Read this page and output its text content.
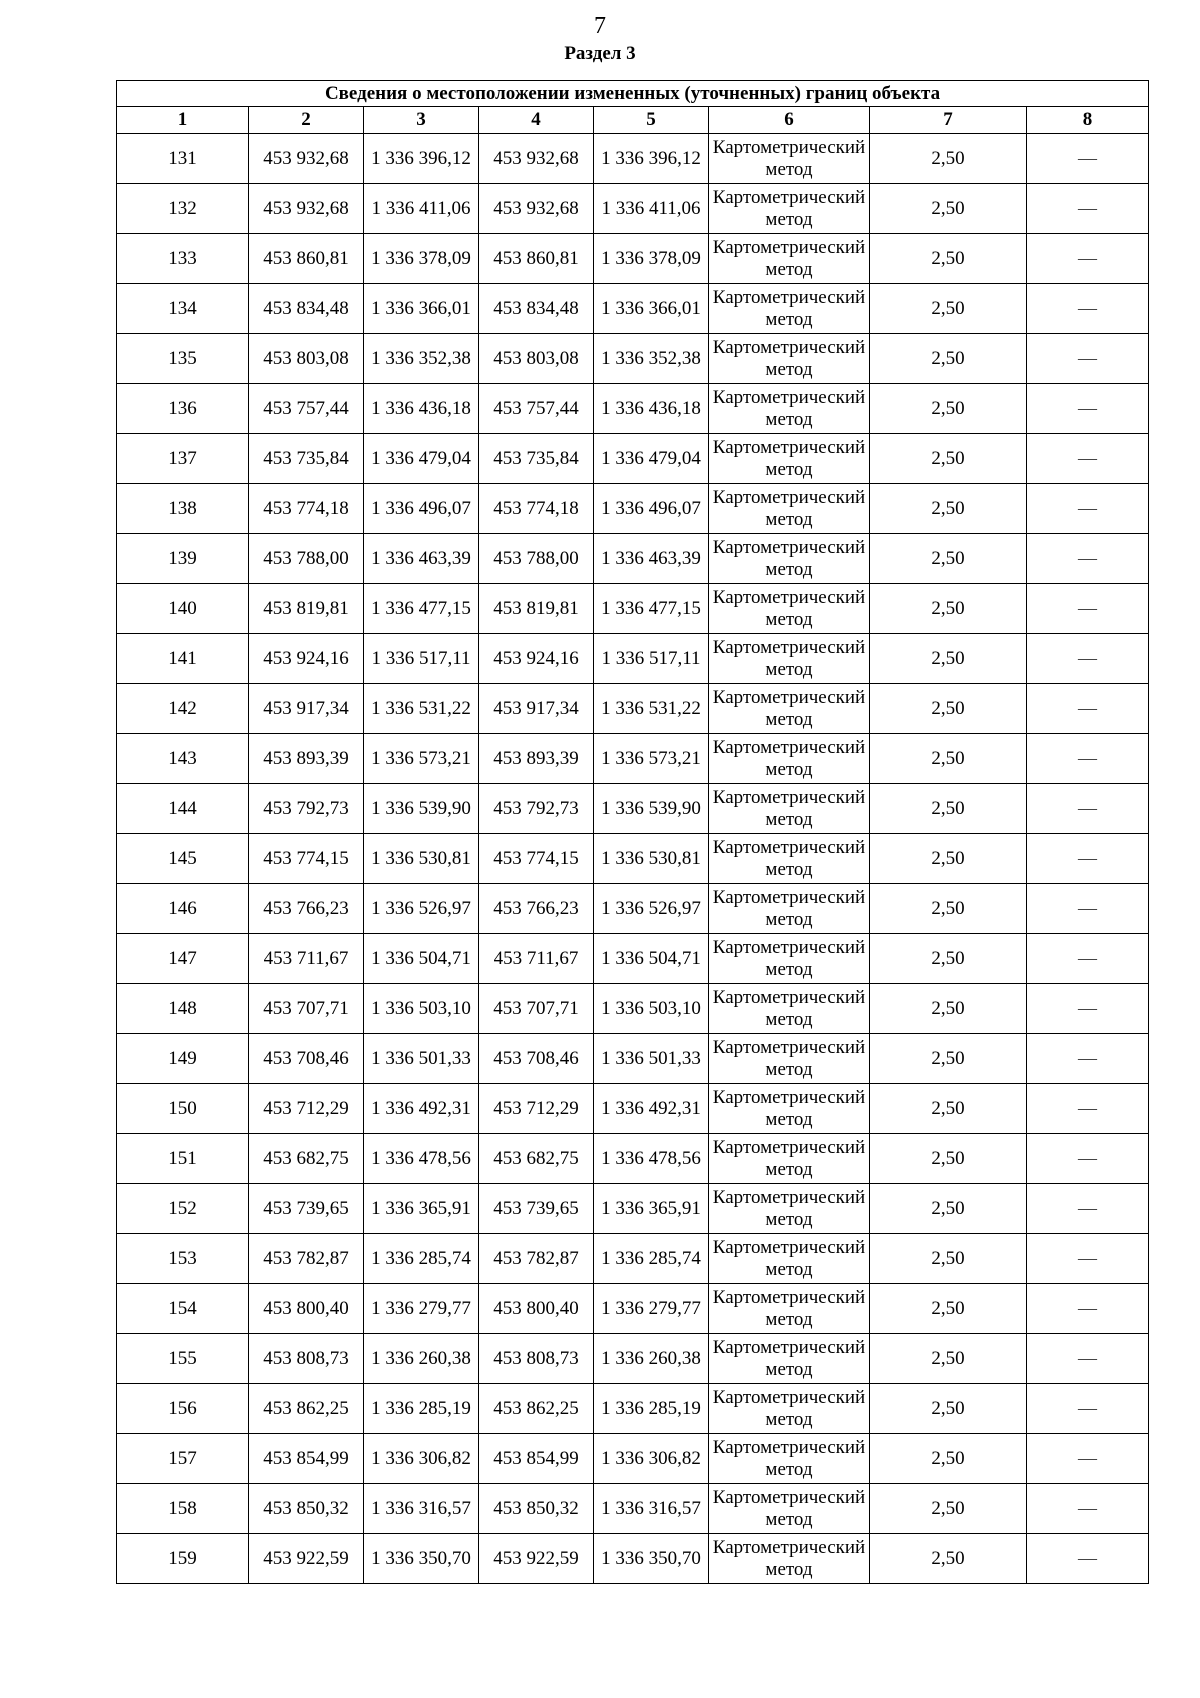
7
Раздел 3
Сведения о местоположении измененных (уточненных) границ объекта							
1	2	3	4	5	6	7	8
131	453 932,68	1 336 396,12	453 932,68	1 336 396,12	Картометрический метод	2,50	—
132	453 932,68	1 336 411,06	453 932,68	1 336 411,06	Картометрический метод	2,50	—
133	453 860,81	1 336 378,09	453 860,81	1 336 378,09	Картометрический метод	2,50	—
134	453 834,48	1 336 366,01	453 834,48	1 336 366,01	Картометрический метод	2,50	—
135	453 803,08	1 336 352,38	453 803,08	1 336 352,38	Картометрический метод	2,50	—
136	453 757,44	1 336 436,18	453 757,44	1 336 436,18	Картометрический метод	2,50	—
137	453 735,84	1 336 479,04	453 735,84	1 336 479,04	Картометрический метод	2,50	—
138	453 774,18	1 336 496,07	453 774,18	1 336 496,07	Картометрический метод	2,50	—
139	453 788,00	1 336 463,39	453 788,00	1 336 463,39	Картометрический метод	2,50	—
140	453 819,81	1 336 477,15	453 819,81	1 336 477,15	Картометрический метод	2,50	—
141	453 924,16	1 336 517,11	453 924,16	1 336 517,11	Картометрический метод	2,50	—
142	453 917,34	1 336 531,22	453 917,34	1 336 531,22	Картометрический метод	2,50	—
143	453 893,39	1 336 573,21	453 893,39	1 336 573,21	Картометрический метод	2,50	—
144	453 792,73	1 336 539,90	453 792,73	1 336 539,90	Картометрический метод	2,50	—
145	453 774,15	1 336 530,81	453 774,15	1 336 530,81	Картометрический метод	2,50	—
146	453 766,23	1 336 526,97	453 766,23	1 336 526,97	Картометрический метод	2,50	—
147	453 711,67	1 336 504,71	453 711,67	1 336 504,71	Картометрический метод	2,50	—
148	453 707,71	1 336 503,10	453 707,71	1 336 503,10	Картометрический метод	2,50	—
149	453 708,46	1 336 501,33	453 708,46	1 336 501,33	Картометрический метод	2,50	—
150	453 712,29	1 336 492,31	453 712,29	1 336 492,31	Картометрический метод	2,50	—
151	453 682,75	1 336 478,56	453 682,75	1 336 478,56	Картометрический метод	2,50	—
152	453 739,65	1 336 365,91	453 739,65	1 336 365,91	Картометрический метод	2,50	—
153	453 782,87	1 336 285,74	453 782,87	1 336 285,74	Картометрический метод	2,50	—
154	453 800,40	1 336 279,77	453 800,40	1 336 279,77	Картометрический метод	2,50	—
155	453 808,73	1 336 260,38	453 808,73	1 336 260,38	Картометрический метод	2,50	—
156	453 862,25	1 336 285,19	453 862,25	1 336 285,19	Картометрический метод	2,50	—
157	453 854,99	1 336 306,82	453 854,99	1 336 306,82	Картометрический метод	2,50	—
158	453 850,32	1 336 316,57	453 850,32	1 336 316,57	Картометрический метод	2,50	—
159	453 922,59	1 336 350,70	453 922,59	1 336 350,70	Картометрический метод	2,50	—
